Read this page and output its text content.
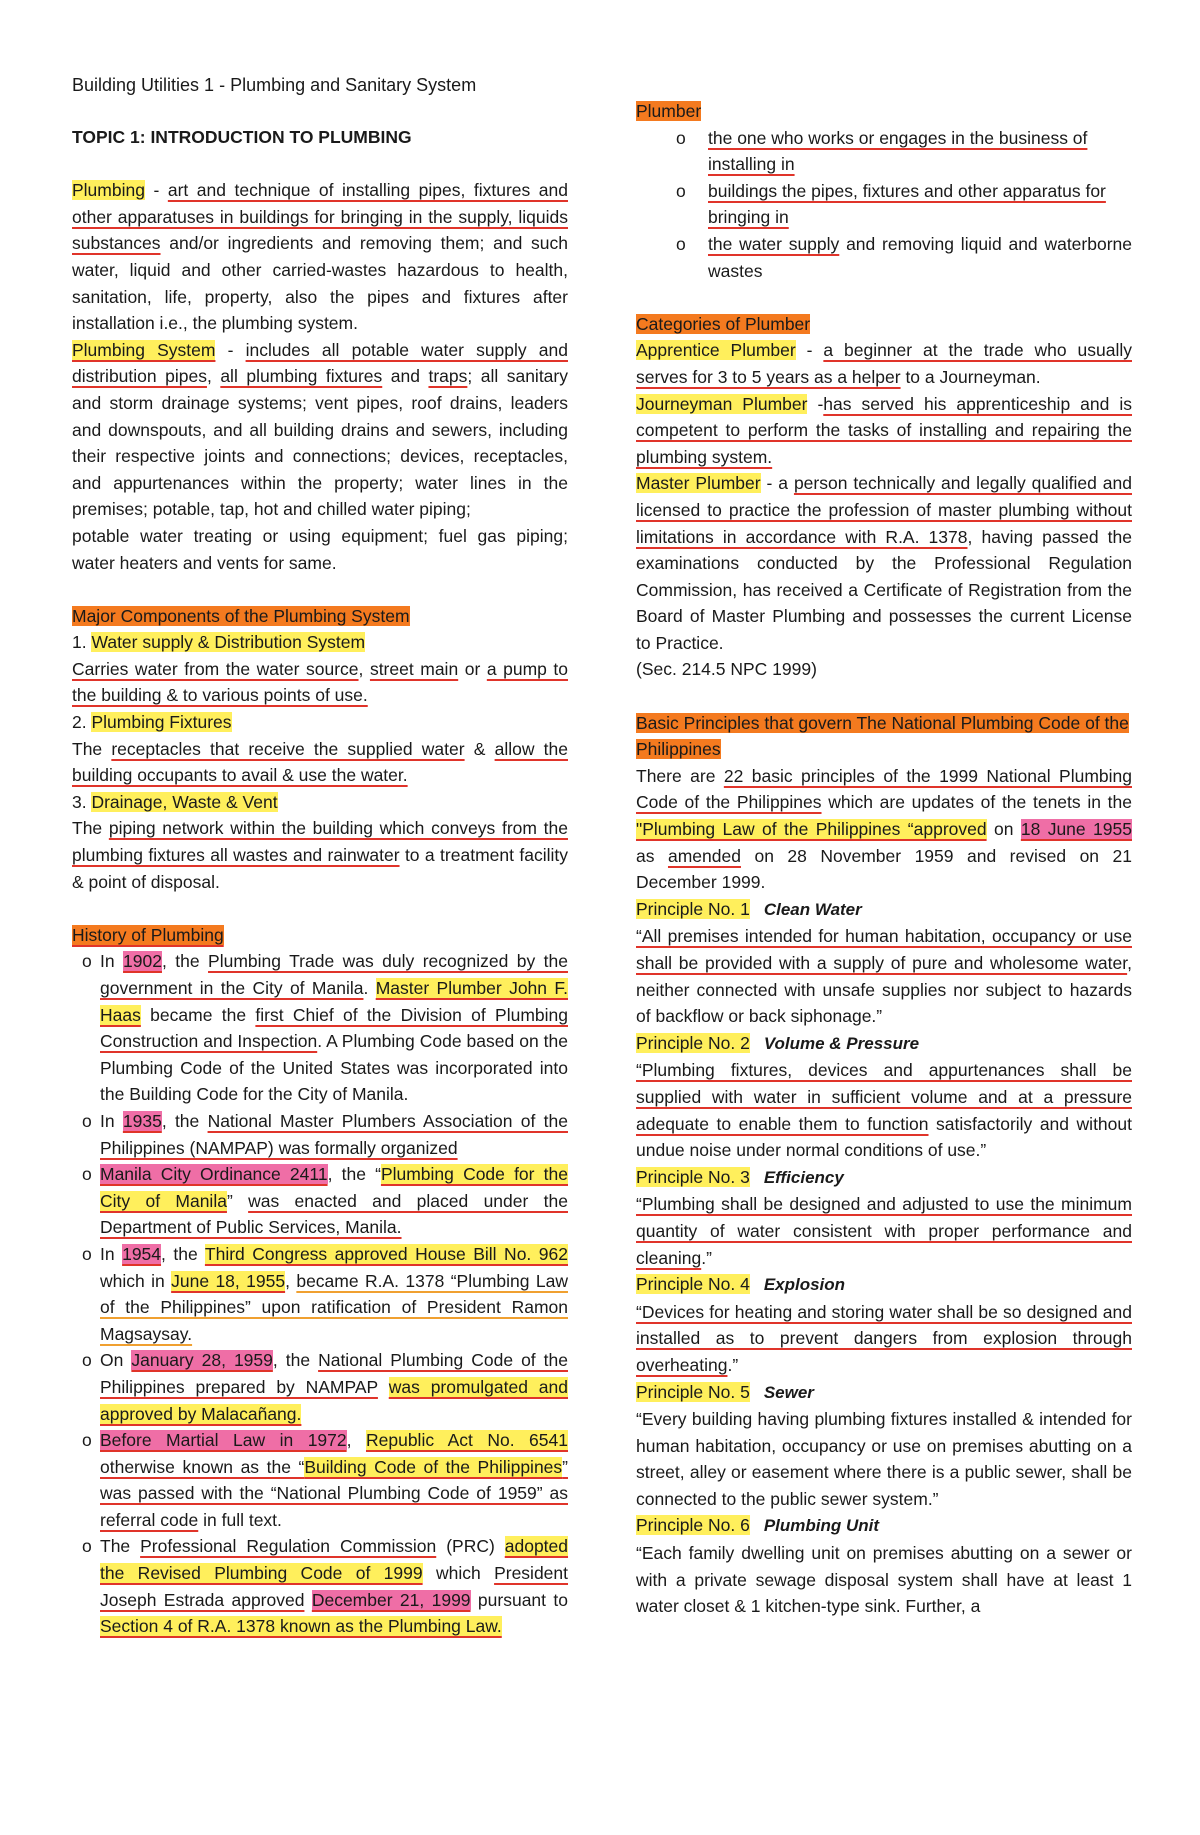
Building Utilities 1 - Plumbing and Sanitary System

TOPIC 1: INTRODUCTION TO PLUMBING

Plumbing - art and technique of installing pipes, fixtures and other apparatuses in buildings for bringing in the supply, liquids substances and/or ingredients and removing them; and such water, liquid and other carried-wastes hazardous to health, sanitation, life, property, also the pipes and fixtures after installation i.e., the plumbing system.

Plumbing System - includes all potable water supply and distribution pipes, all plumbing fixtures and traps; all sanitary and storm drainage systems; vent pipes, roof drains, leaders and downspouts, and all building drains and sewers, including their respective joints and connections; devices, receptacles, and appurtenances within the property; water lines in the premises; potable, tap, hot and chilled water piping;

potable water treating or using equipment; fuel gas piping; water heaters and vents for same.

Major Components of the Plumbing System

1. Water supply & Distribution System

Carries water from the water source, street main or a pump to the building & to various points of use.

2. Plumbing Fixtures

The receptacles that receive the supplied water & allow the building occupants to avail & use the water.

3. Drainage, Waste & Vent

The piping network within the building which conveys from the plumbing fixtures all wastes and rainwater to a treatment facility & point of disposal.

History of Plumbing

o In 1902, the Plumbing Trade was duly recognized by the government in the City of Manila. Master Plumber John F. Haas became the first Chief of the Division of Plumbing Construction and Inspection. A Plumbing Code based on the Plumbing Code of the United States was incorporated into the Building Code for the City of Manila.
o In 1935, the National Master Plumbers Association of the Philippines (NAMPAP) was formally organized
o Manila City Ordinance 2411, the “Plumbing Code for the City of Manila” was enacted and placed under the Department of Public Services, Manila.
o In 1954, the Third Congress approved House Bill No. 962 which in June 18, 1955, became R.A. 1378 “Plumbing Law of the Philippines” upon ratification of President Ramon Magsaysay.
o On January 28, 1959, the National Plumbing Code of the Philippines prepared by NAMPAP was promulgated and approved by Malacañang.
o Before Martial Law in 1972, Republic Act No. 6541 otherwise known as the “Building Code of the Philippines” was passed with the “National Plumbing Code of 1959” as referral code in full text.
o The Professional Regulation Commission (PRC) adopted the Revised Plumbing Code of 1999 which President Joseph Estrada approved December 21, 1999 pursuant to Section 4 of R.A. 1378 known as the Plumbing Law.

Plumber

o the one who works or engages in the business of installing in
o buildings the pipes, fixtures and other apparatus for bringing in
o the water supply and removing liquid and waterborne wastes

Categories of Plumber

Apprentice Plumber - a beginner at the trade who usually serves for 3 to 5 years as a helper to a Journeyman.

Journeyman Plumber -has served his apprenticeship and is competent to perform the tasks of installing and repairing the plumbing system.

Master Plumber - a person technically and legally qualified and licensed to practice the profession of master plumbing without limitations in accordance with R.A. 1378, having passed the examinations conducted by the Professional Regulation Commission, has received a Certificate of Registration from the Board of Master Plumbing and possesses the current License to Practice.

(Sec. 214.5 NPC 1999)

Basic Principles that govern The National Plumbing Code of the Philippines

There are 22 basic principles of the 1999 National Plumbing Code of the Philippines which are updates of the tenets in the "Plumbing Law of the Philippines “approved on 18 June 1955 as amended on 28 November 1959 and revised on 21 December 1999.

Principle No. 1 Clean Water

“All premises intended for human habitation, occupancy or use shall be provided with a supply of pure and wholesome water, neither connected with unsafe supplies nor subject to hazards of backflow or back siphonage.”

Principle No. 2 Volume & Pressure

“Plumbing fixtures, devices and appurtenances shall be supplied with water in sufficient volume and at a pressure adequate to enable them to function satisfactorily and without undue noise under normal conditions of use.”

Principle No. 3 Efficiency

“Plumbing shall be designed and adjusted to use the minimum quantity of water consistent with proper performance and cleaning.”

Principle No. 4 Explosion

“Devices for heating and storing water shall be so designed and installed as to prevent dangers from explosion through overheating.”

Principle No. 5 Sewer

“Every building having plumbing fixtures installed & intended for human habitation, occupancy or use on premises abutting on a street, alley or easement where there is a public sewer, shall be connected to the public sewer system.”

Principle No. 6 Plumbing Unit

“Each family dwelling unit on premises abutting on a sewer or with a private sewage disposal system shall have at least 1 water closet & 1 kitchen-type sink. Further, a
